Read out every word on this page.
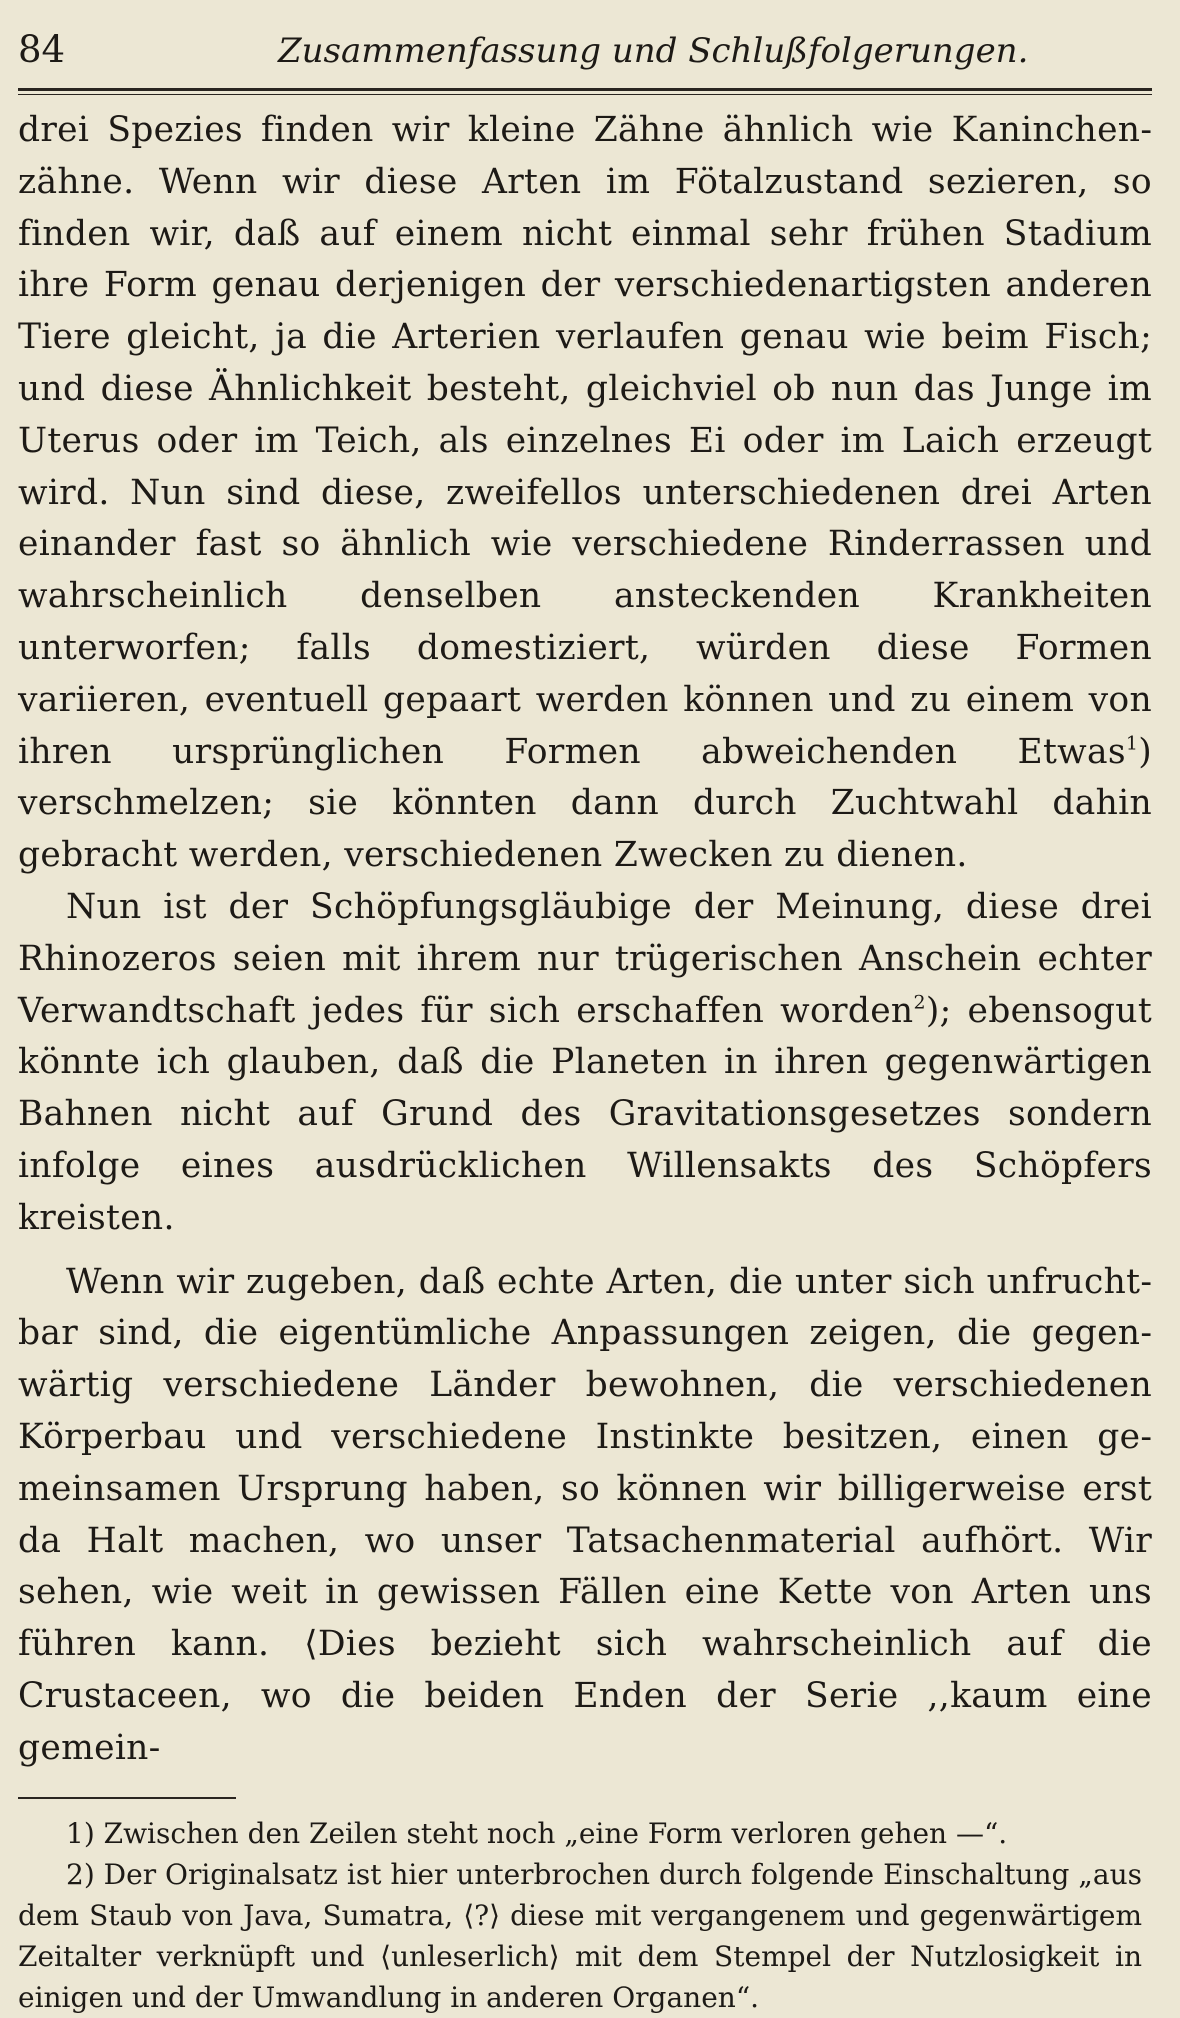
84	Zusammenfassung und Schlußfolgerungen.

drei Spezies finden wir kleine Zähne ähnlich wie Kaninchenzähne. Wenn wir diese Arten im Fötalzustand sezieren, so finden wir, daß auf einem nicht einmal sehr frühen Stadium ihre Form genau derjenigen der verschiedenartigsten anderen Tiere gleicht, ja die Arterien verlaufen genau wie beim Fisch; und diese Ähnlichkeit besteht, gleichviel ob nun das Junge im Uterus oder im Teich, als einzelnes Ei oder im Laich erzeugt wird. Nun sind diese, zweifellos unterschiedenen drei Arten einander fast so ähnlich wie verschiedene Rinderrassen und wahrscheinlich denselben ansteckenden Krankheiten unterworfen; falls domestiziert, würden diese Formen variieren, eventuell gepaart werden können und zu einem von ihren ursprünglichen Formen abweichenden Etwas$^1$) verschmelzen; sie könnten dann durch Zuchtwahl dahin gebracht werden, verschiedenen Zwecken zu dienen.

Nun ist der Schöpfungsgläubige der Meinung, diese drei Rhinozeros seien mit ihrem nur trügerischen Anschein echter Verwandtschaft jedes für sich erschaffen worden$^2$); ebensogut könnte ich glauben, daß die Planeten in ihren gegenwärtigen Bahnen nicht auf Grund des Gravitationsgesetzes sondern infolge eines ausdrücklichen Willensakts des Schöpfers kreisten.

Wenn wir zugeben, daß echte Arten, die unter sich unfruchtbar sind, die eigentümliche Anpassungen zeigen, die gegenwärtig verschiedene Länder bewohnen, die verschiedenen Körperbau und verschiedene Instinkte besitzen, einen gemeinsamen Ursprung haben, so können wir billigerweise erst da Halt machen, wo unser Tatsachenmaterial aufhört. Wir sehen, wie weit in gewissen Fällen eine Kette von Arten uns führen kann. ⟨Dies bezieht sich wahrscheinlich auf die Crustaceen, wo die beiden Enden der Serie ,,kaum eine gemein-

1) Zwischen den Zeilen steht noch „eine Form verloren gehen —“.

2) Der Originalsatz ist hier unterbrochen durch folgende Einschaltung „aus dem Staub von Java, Sumatra, ⟨?⟩ diese mit vergangenem und gegenwärtigem Zeitalter verknüpft und ⟨unleserlich⟩ mit dem Stempel der Nutzlosigkeit in einigen und der Umwandlung in anderen Organen“.
